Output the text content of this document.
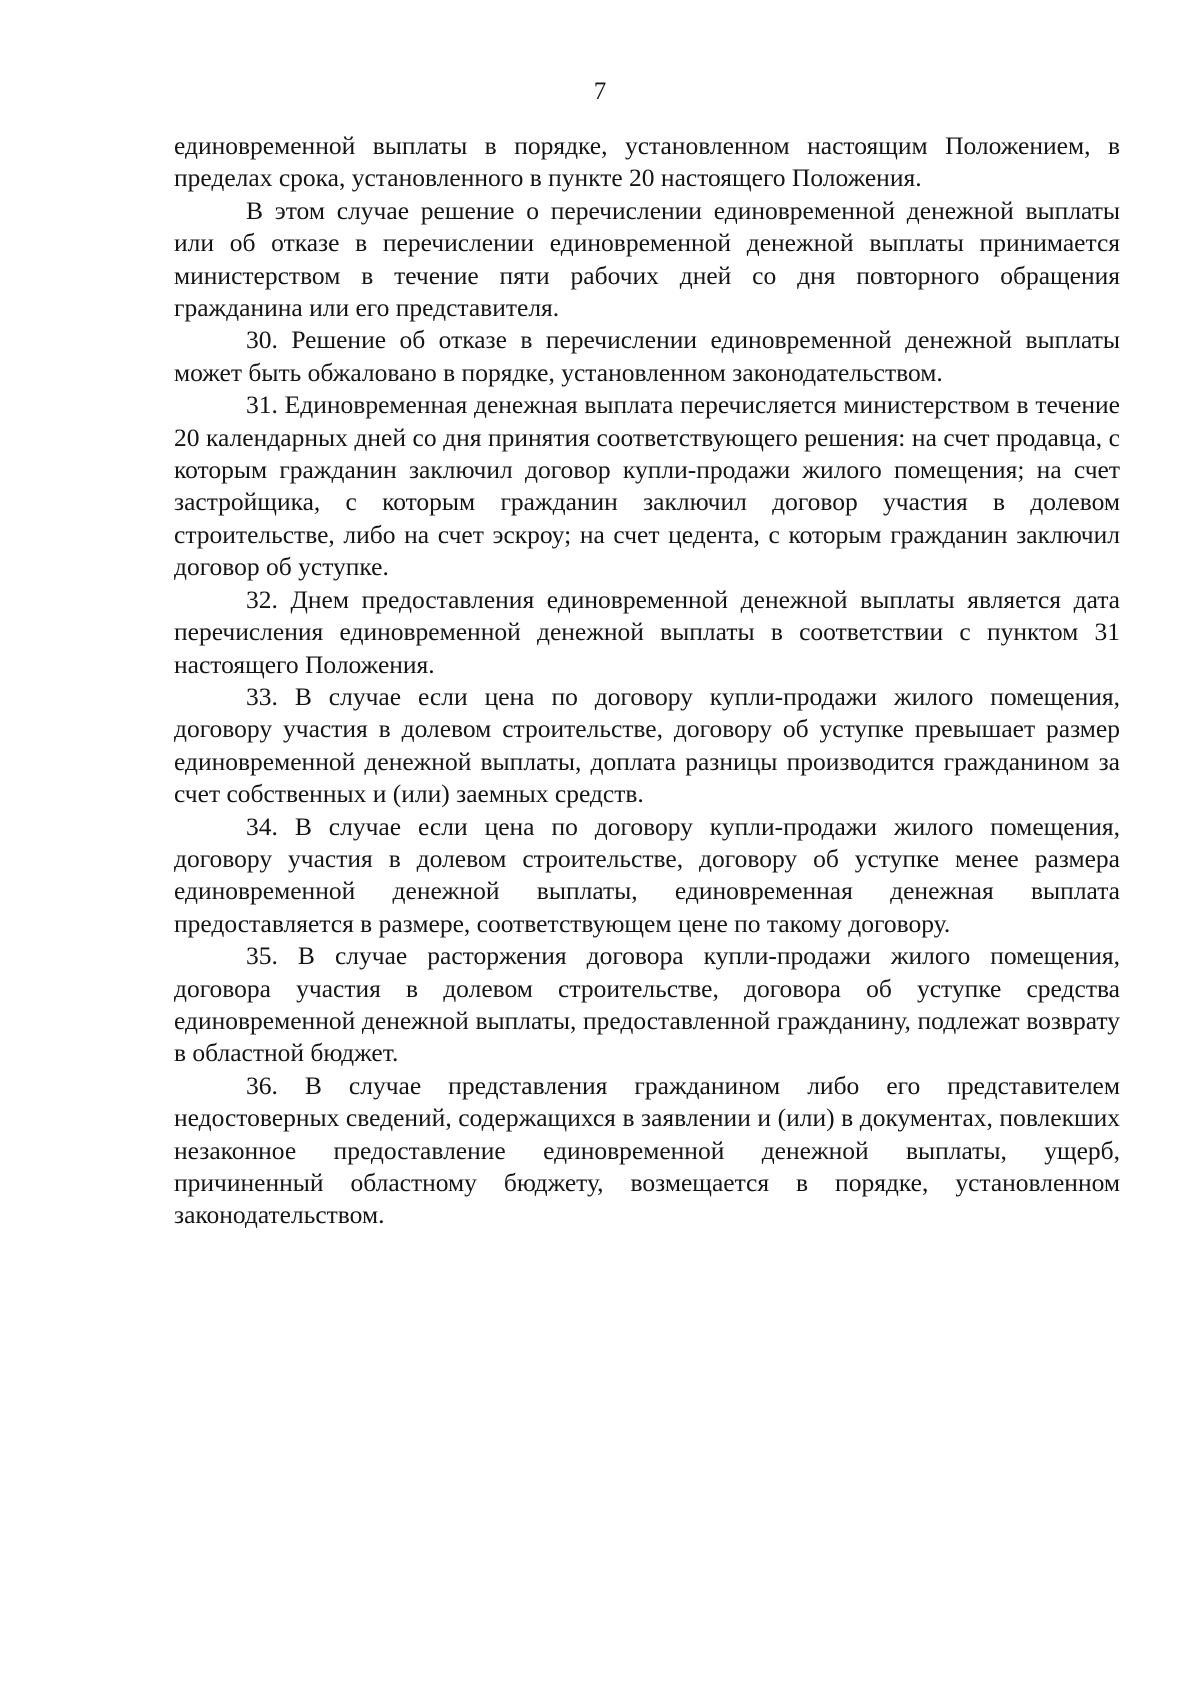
7

единовременной выплаты в порядке, установленном настоящим Положением, в пределах срока, установленного в пункте 20 настоящего Положения.

В этом случае решение о перечислении единовременной денежной выплаты или об отказе в перечислении единовременной денежной выплаты принимается министерством в течение пяти рабочих дней со дня повторного обращения гражданина или его представителя.

30. Решение об отказе в перечислении единовременной денежной выплаты может быть обжаловано в порядке, установленном законодательством.

31. Единовременная денежная выплата перечисляется министерством в течение 20 календарных дней со дня принятия соответствующего решения: на счет продавца, с которым гражданин заключил договор купли-продажи жилого помещения; на счет застройщика, с которым гражданин заключил договор участия в долевом строительстве, либо на счет эскроу; на счет цедента, с которым гражданин заключил договор об уступке.

32. Днем предоставления единовременной денежной выплаты является дата перечисления единовременной денежной выплаты в соответствии с пунктом 31 настоящего Положения.

33. В случае если цена по договору купли-продажи жилого помещения, договору участия в долевом строительстве, договору об уступке превышает размер единовременной денежной выплаты, доплата разницы производится гражданином за счет собственных и (или) заемных средств.

34. В случае если цена по договору купли-продажи жилого помещения, договору участия в долевом строительстве, договору об уступке менее размера единовременной денежной выплаты, единовременная денежная выплата предоставляется в размере, соответствующем цене по такому договору.

35. В случае расторжения договора купли-продажи жилого помещения, договора участия в долевом строительстве, договора об уступке средства единовременной денежной выплаты, предоставленной гражданину, подлежат возврату в областной бюджет.

36. В случае представления гражданином либо его представителем недостоверных сведений, содержащихся в заявлении и (или) в документах, повлекших незаконное предоставление единовременной денежной выплаты, ущерб, причиненный областному бюджету, возмещается в порядке, установленном законодательством.
